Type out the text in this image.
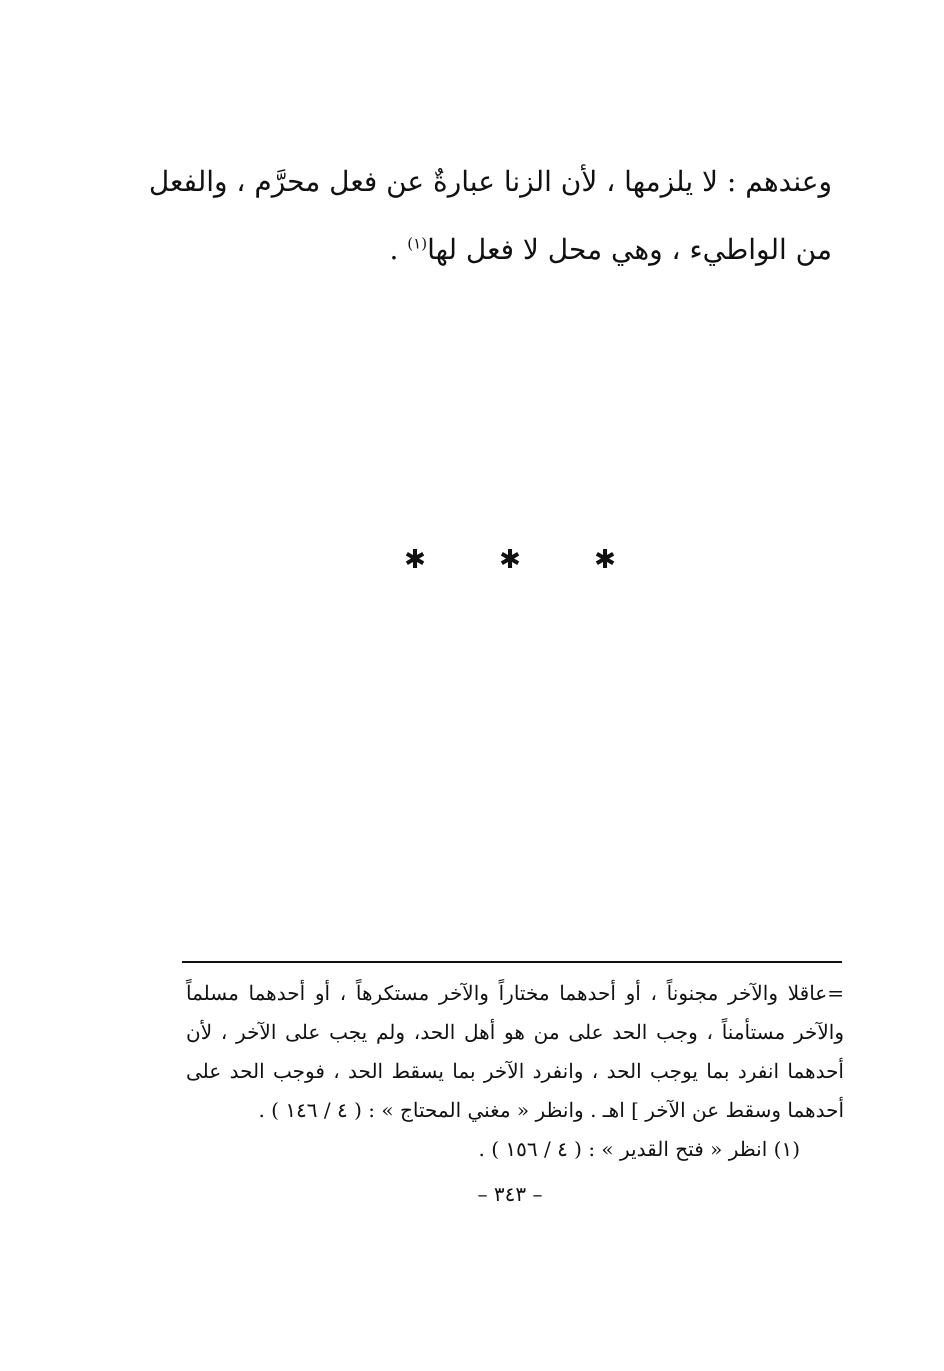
وعندهم : لا يلزمها ، لأن الزنا عبارةٌ عن فعل محرَّم ، والفعل
من الواطيء ، وهي محل لا فعل لها$^{(١)}$ .
✱	✱	✱
=عاقلا والآخر مجنوناً ، أو أحدهما مختاراً والآخر مستكرهاً ، أو أحدهما مسلماً
والآخر مستأمناً ، وجب الحد على من هو أهل الحد، ولم يجب على الآخر ، لأن
أحدهما انفرد بما يوجب الحد ، وانفرد الآخر بما يسقط الحد ، فوجب الحد على
أحدهما وسقط عن الآخر ] اهـ . وانظر « مغني المحتاج » : ( ٤ / ١٤٦ ) .
(١) انظر « فتح القدير » : ( ٤ / ١٥٦ ) .
– ٣٤٣ –
